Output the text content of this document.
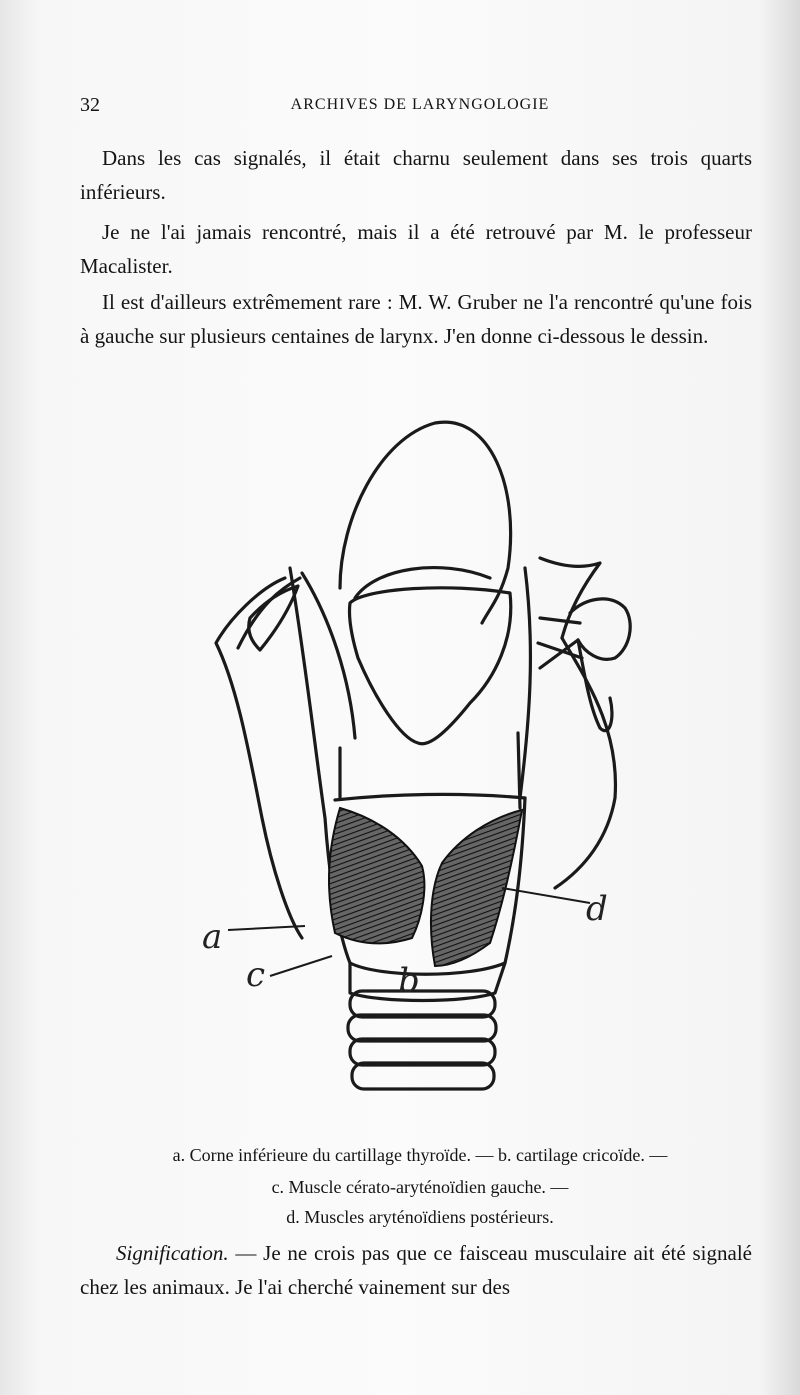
32	ARCHIVES DE LARYNGOLOGIE

Dans les cas signalés, il était charnu seulement dans ses trois quarts inférieurs.

Je ne l'ai jamais rencontré, mais il a été retrouvé par M. le professeur Macalister.

Il est d'ailleurs extrêmement rare : M. W. Gruber ne l'a rencontré qu'une fois à gauche sur plusieurs centaines de larynx. J'en donne ci-dessous le dessin.

a
c	b
d

a. Corne inférieure du cartillage thyroïde. — b. cartilage cricoïde. —

c. Muscle cérato-aryténoïdien gauche. —

d. Muscles aryténoïdiens postérieurs.

Signification. — Je ne crois pas que ce faisceau musculaire ait été signalé chez les animaux. Je l'ai cherché vainement sur des
